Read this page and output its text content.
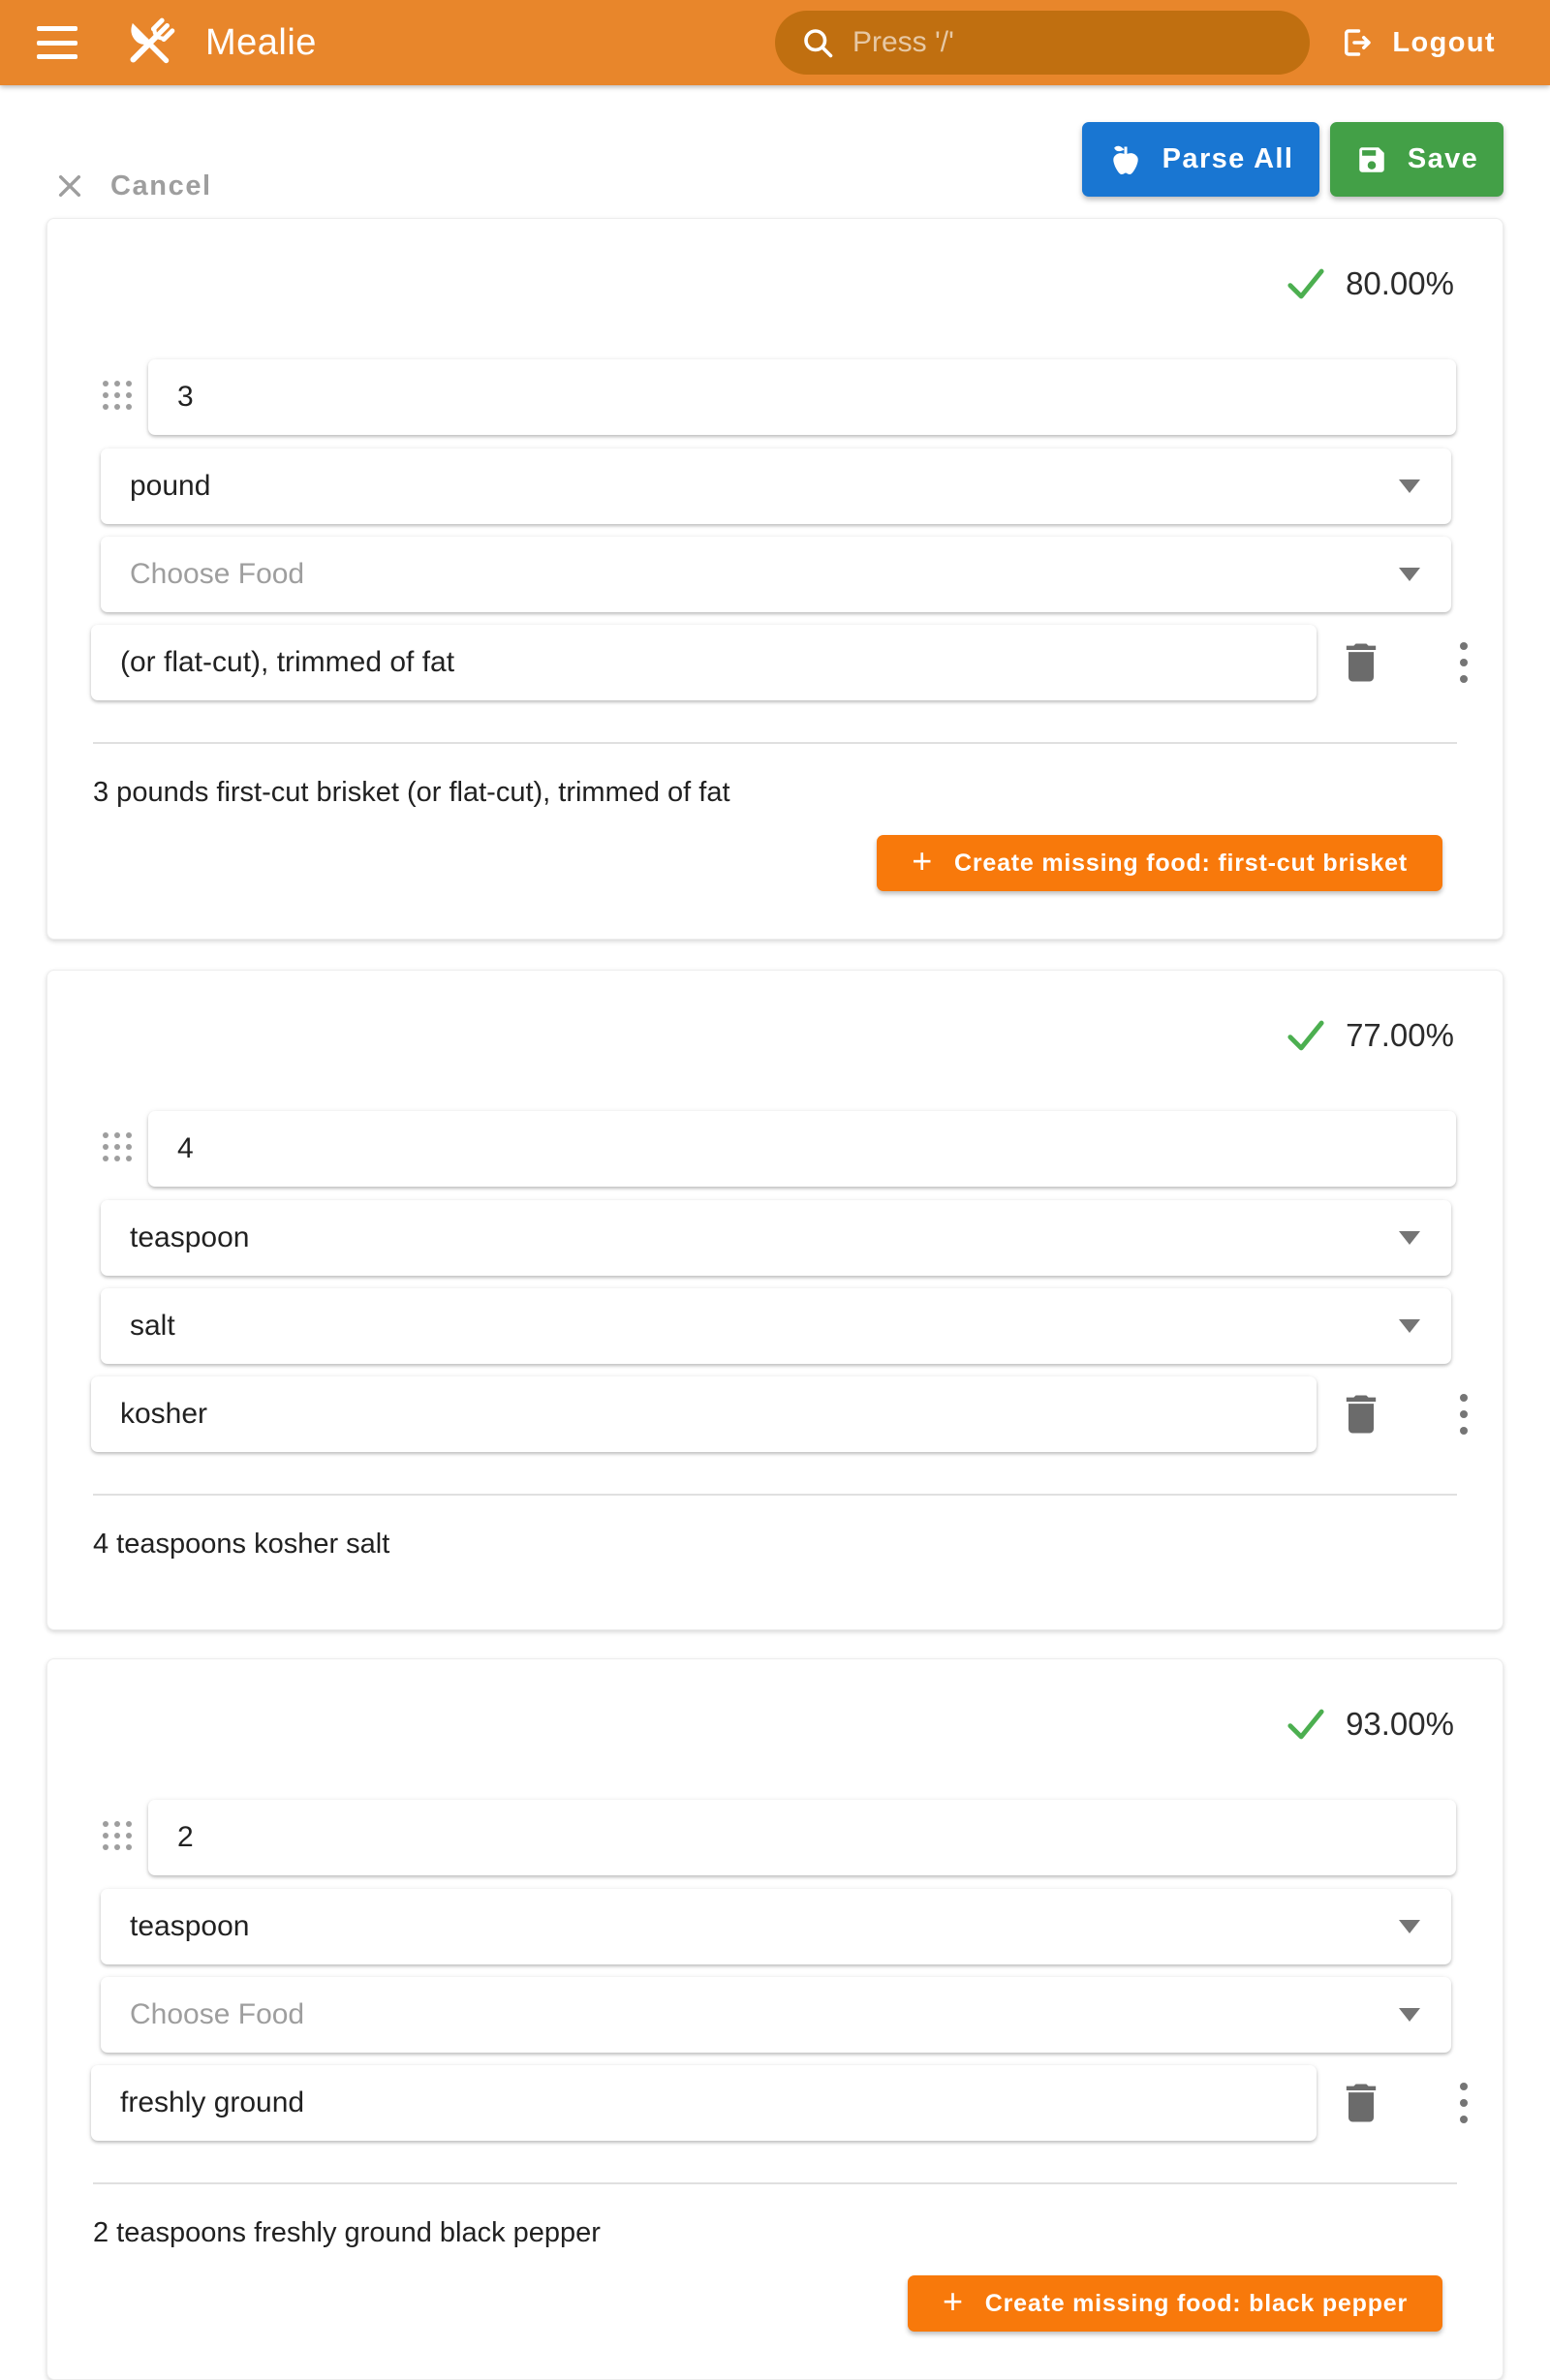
Mealie
Press '/'	Logout
Cancel
Parse All	Save
80.00%
3
pound
Choose Food
(or flat-cut), trimmed of fat
3 pounds first-cut brisket (or flat-cut), trimmed of fat
+ Create missing food: first-cut brisket
77.00%
4
teaspoon
salt
kosher
4 teaspoons kosher salt
93.00%
2
teaspoon
Choose Food
freshly ground
2 teaspoons freshly ground black pepper
+ Create missing food: black pepper
